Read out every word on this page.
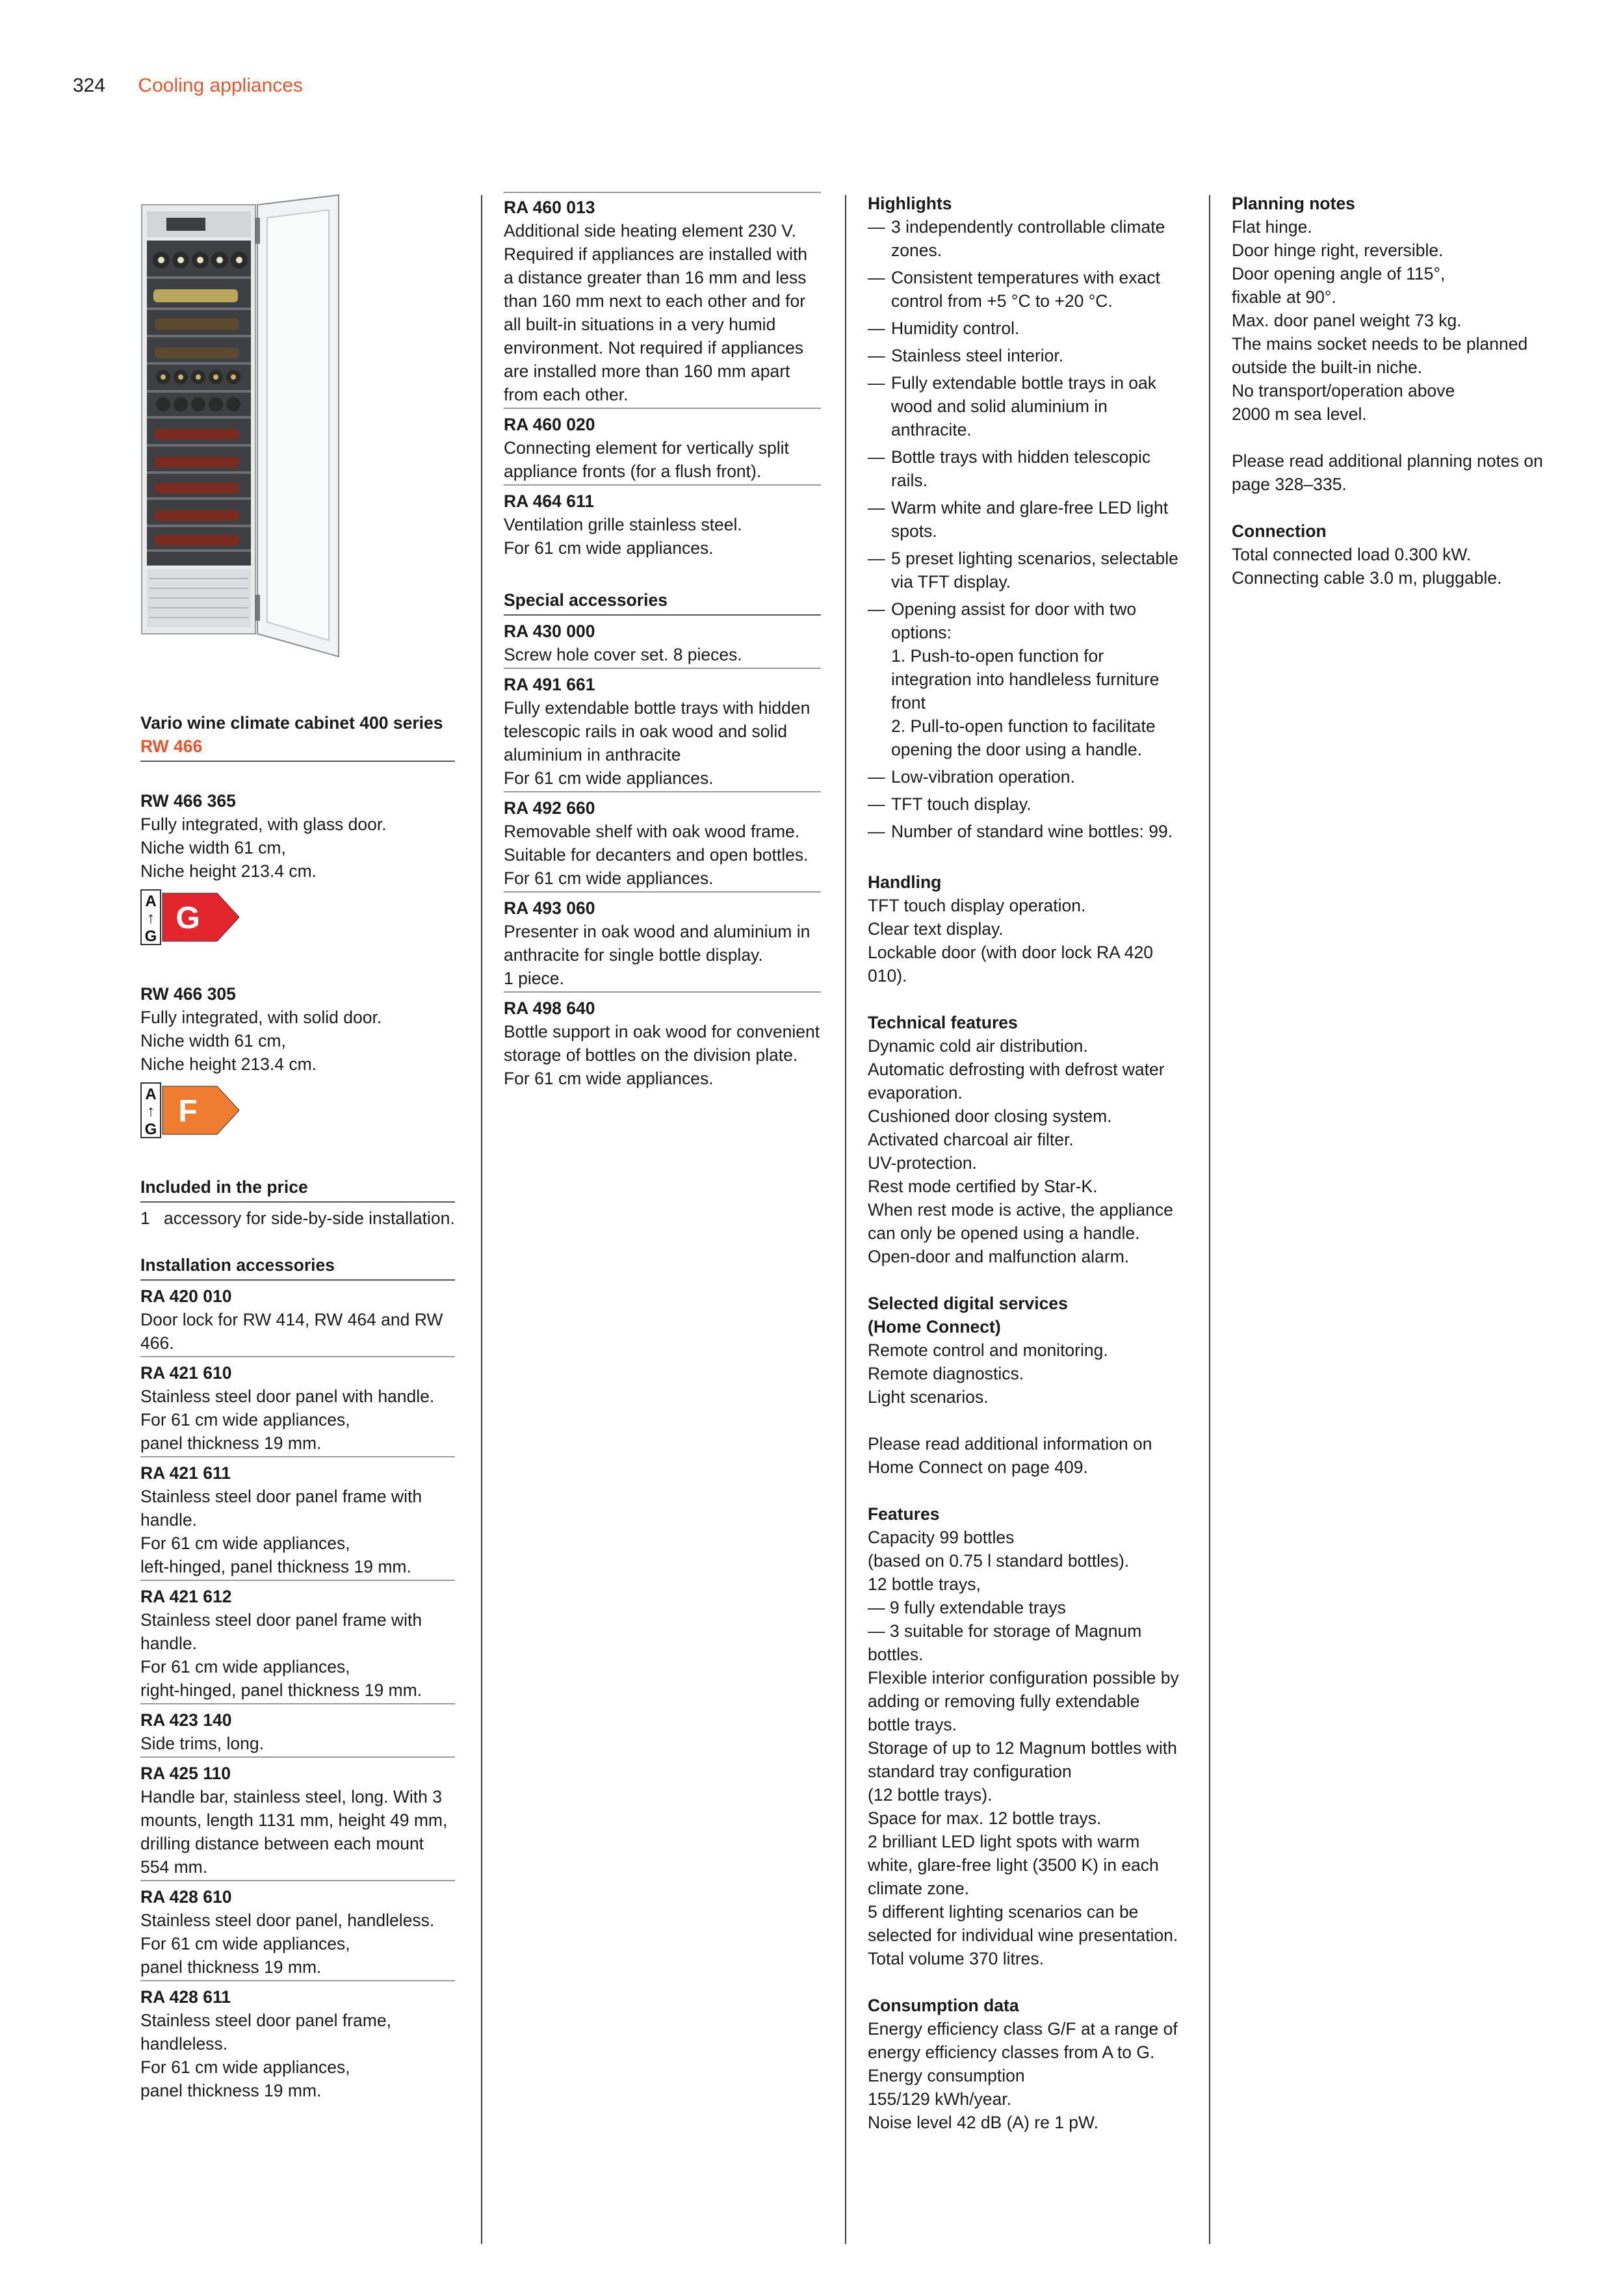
324 Cooling appliances
Vario wine climate cabinet 400 series
RW 466
RW 466 365
Fully integrated, with glass door.
Niche width 61 cm,
Niche height 213.4 cm.
A
↑
G
G
RW 466 305
Fully integrated, with solid door.
Niche width 61 cm,
Niche height 213.4 cm.
A
↑
G
F
Included in the price
1 accessory for side-by-side installation.
Installation accessories
RA 420 010
Door lock for RW 414, RW 464 and RW 466.
RA 421 610
Stainless steel door panel with handle.
For 61 cm wide appliances,
panel thickness 19 mm.
RA 421 611
Stainless steel door panel frame with handle.
For 61 cm wide appliances,
left-hinged, panel thickness 19 mm.
RA 421 612
Stainless steel door panel frame with handle.
For 61 cm wide appliances,
right-hinged, panel thickness 19 mm.
RA 423 140
Side trims, long.
RA 425 110
Handle bar, stainless steel, long. With 3 mounts, length 1131 mm, height 49 mm, drilling distance between each mount 554 mm.
RA 428 610
Stainless steel door panel, handleless.
For 61 cm wide appliances,
panel thickness 19 mm.
RA 428 611
Stainless steel door panel frame, handleless.
For 61 cm wide appliances,
panel thickness 19 mm.
RA 460 013
Additional side heating element 230 V. Required if appliances are installed with a distance greater than 16 mm and less than 160 mm next to each other and for all built-in situations in a very humid environment. Not required if appliances are installed more than 160 mm apart from each other.
RA 460 020
Connecting element for vertically split appliance fronts (for a flush front).
RA 464 611
Ventilation grille stainless steel.
For 61 cm wide appliances.
Special accessories
RA 430 000
Screw hole cover set. 8 pieces.
RA 491 661
Fully extendable bottle trays with hidden telescopic rails in oak wood and solid aluminium in anthracite
For 61 cm wide appliances.
RA 492 660
Removable shelf with oak wood frame. Suitable for decanters and open bottles.
For 61 cm wide appliances.
RA 493 060
Presenter in oak wood and aluminium in anthracite for single bottle display.
1 piece.
RA 498 640
Bottle support in oak wood for convenient storage of bottles on the division plate.
For 61 cm wide appliances.
Highlights
— 3 independently controllable climate zones.
— Consistent temperatures with exact control from +5 °C to +20 °C.
— Humidity control.
— Stainless steel interior.
— Fully extendable bottle trays in oak wood and solid aluminium in anthracite.
— Bottle trays with hidden telescopic rails.
— Warm white and glare-free LED light spots.
— 5 preset lighting scenarios, selectable via TFT display.
— Opening assist for door with two options:
1. Push-to-open function for integration into handleless furniture front
2. Pull-to-open function to facilitate opening the door using a handle.
— Low-vibration operation.
— TFT touch display.
— Number of standard wine bottles: 99.
Handling
TFT touch display operation.
Clear text display.
Lockable door (with door lock RA 420 010).
Technical features
Dynamic cold air distribution.
Automatic defrosting with defrost water evaporation.
Cushioned door closing system.
Activated charcoal air filter.
UV-protection.
Rest mode certified by Star-K.
When rest mode is active, the appliance can only be opened using a handle.
Open-door and malfunction alarm.
Selected digital services
(Home Connect)
Remote control and monitoring.
Remote diagnostics.
Light scenarios.
Please read additional information on Home Connect on page 409.
Features
Capacity 99 bottles
(based on 0.75 l standard bottles).
12 bottle trays,
— 9 fully extendable trays
— 3 suitable for storage of Magnum bottles.
Flexible interior configuration possible by adding or removing fully extendable bottle trays.
Storage of up to 12 Magnum bottles with standard tray configuration
(12 bottle trays).
Space for max. 12 bottle trays.
2 brilliant LED light spots with warm white, glare-free light (3500 K) in each climate zone.
5 different lighting scenarios can be selected for individual wine presentation.
Total volume 370 litres.
Consumption data
Energy efficiency class G/F at a range of energy efficiency classes from A to G.
Energy consumption
155/129 kWh/year.
Noise level 42 dB (A) re 1 pW.
Planning notes
Flat hinge.
Door hinge right, reversible.
Door opening angle of 115°,
fixable at 90°.
Max. door panel weight 73 kg.
The mains socket needs to be planned outside the built-in niche.
No transport/operation above
2000 m sea level.
Please read additional planning notes on page 328–335.
Connection
Total connected load 0.300 kW.
Connecting cable 3.0 m, pluggable.
